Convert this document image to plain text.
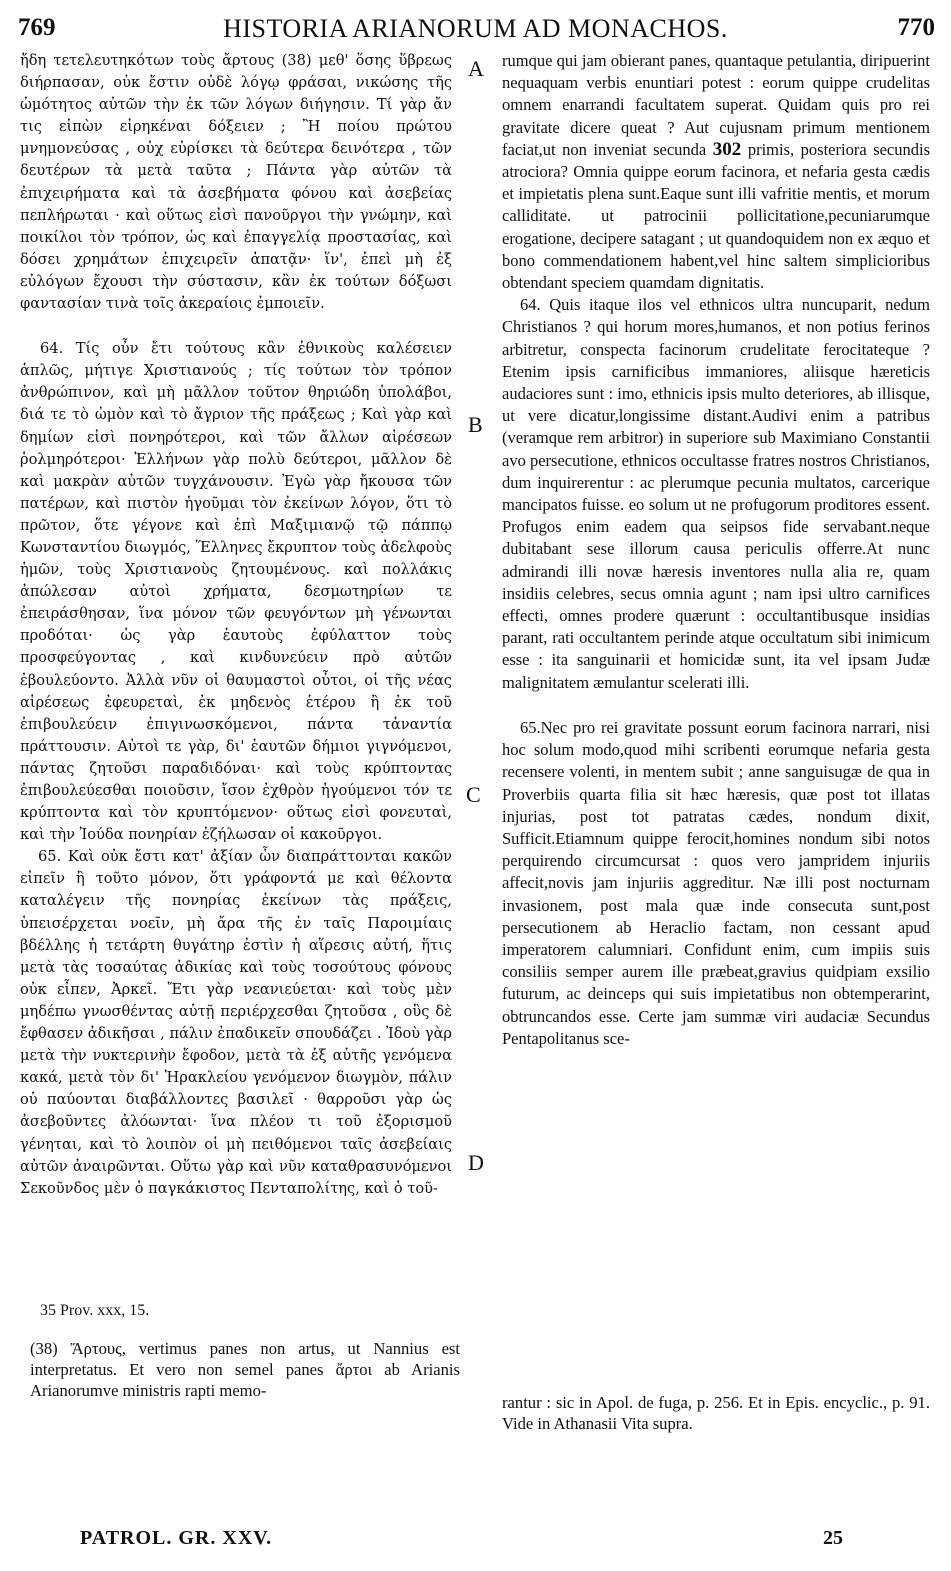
769	HISTORIA ARIANORUM AD MONACHOS.	770

ἤδη τετελευτηκότων τοὺς ἄρτους (38) μεθ' ὅσης ὕβρεως διήρπασαν, οὐκ ἔστιν οὐδὲ λόγῳ φράσαι, νικώσης τῆς ὠμότητος αὐτῶν τὴν ἐκ τῶν λόγων διήγησιν. Τί γὰρ ἄν τις εἰπὼν εἰρηκέναι δόξειεν ; Ἢ ποίου πρώτου μνημονεύσας , οὐχ εὑρίσκει τὰ δεύτερα δεινότερα , τῶν δευτέρων τὰ μετὰ ταῦτα ; Πάντα γὰρ αὐτῶν τὰ ἐπιχειρήματα καὶ τὰ ἀσεβήματα φόνου καὶ ἀσεβείας πεπλήρωται · καὶ οὕτως εἰσὶ πανοῦργοι τὴν γνώμην, καὶ ποικίλοι τὸν τρόπον, ὡς καὶ ἐπαγγελίᾳ προστασίας, καὶ δόσει χρημάτων ἐπιχειρεῖν ἀπατᾷν· ἵν', ἐπεὶ μὴ ἐξ εὐλόγων ἔχουσι τὴν σύστασιν, κἂν ἐκ τούτων δόξωσι φαντασίαν τινὰ τοῖς ἀκεραίοις ἐμποιεῖν.

64. Τίς οὖν ἔτι τούτους κἂν ἐθνικοὺς καλέσειεν ἁπλῶς, μήτιγε Χριστιανούς ; τίς τούτων τὸν τρόπον ἀνθρώπινον, καὶ μὴ μᾶλλον τοῦτον θηριώδη ὑπολάβοι, διά τε τὸ ὠμὸν καὶ τὸ ἄγριον τῆς πράξεως ; Καὶ γὰρ καὶ δημίων εἰσὶ πονηρότεροι, καὶ τῶν ἄλλων αἱρέσεων ῥολμηρότεροι· Ἑλλήνων γὰρ πολὺ δεύτεροι, μᾶλλον δὲ καὶ μακρὰν αὐτῶν τυγχάνουσιν. Ἐγὼ γὰρ ἤκουσα τῶν πατέρων, καὶ πιστὸν ἡγοῦμαι τὸν ἐκείνων λόγον, ὅτι τὸ πρῶτον, ὅτε γέγονε καὶ ἐπὶ Μαξιμιανῷ τῷ πάππῳ Κωνσταντίου διωγμός, Ἕλληνες ἔκρυπτον τοὺς ἀδελφοὺς ἡμῶν, τοὺς Χριστιανοὺς ζητουμένους. καὶ πολλάκις ἀπώλεσαν αὐτοὶ χρήματα, δεσμωτηρίων τε ἐπειράσθησαν, ἵνα μόνον τῶν φευγόντων μὴ γένωνται προδόται· ὡς γὰρ ἑαυτοὺς ἐφύλαττον τοὺς προσφεύγοντας , καὶ κινδυνεύειν πρὸ αὐτῶν ἐβουλεύοντο. Ἀλλὰ νῦν οἱ θαυμαστοὶ οὗτοι, οἱ τῆς νέας αἱρέσεως ἐφευρεταὶ, ἐκ μηδενὸς ἑτέρου ἢ ἐκ τοῦ ἐπιβουλεύειν ἐπιγινωσκόμενοι, πάντα τἀναντία πράττουσιν. Αὐτοὶ τε γὰρ, δι' ἑαυτῶν δήμιοι γιγνόμενοι, πάντας ζητοῦσι παραδιδόναι· καὶ τοὺς κρύπτοντας ἐπιβουλεύεσθαι ποιοῦσιν, ἴσον ἐχθρὸν ἡγούμενοι τόν τε κρύπτοντα καὶ τὸν κρυπτόμενον· οὕτως εἰσὶ φονευταὶ, καὶ τὴν Ἰούδα πονηρίαν ἐζήλωσαν οἱ κακοῦργοι.

65. Καὶ οὐκ ἔστι κατ' ἀξίαν ὧν διαπράττονται κακῶν εἰπεῖν ἢ τοῦτο μόνον, ὅτι γράφοντά με καὶ θέλοντα καταλέγειν τῆς πονηρίας ἐκείνων τὰς πράξεις, ὑπεισέρχεται νοεῖν, μὴ ἄρα τῆς ἐν ταῖς Παροιμίαις βδέλλης ἡ τετάρτη θυγάτηρ ἐστὶν ἡ αἵρεσις αὐτή, ἥτις μετὰ τὰς τοσαύτας ἀδικίας καὶ τοὺς τοσούτους φόνους οὐκ εἶπεν, Ἀρκεῖ. Ἔτι γὰρ νεανιεύεται· καὶ τοὺς μὲν μηδέπω γνωσθέντας αὐτῇ περιέρχεσθαι ζητοῦσα , οὓς δὲ ἔφθασεν ἀδικῆσαι , πάλιν ἐπαδικεῖν σπουδάζει . Ἰδοὺ γὰρ μετὰ τὴν νυκτερινὴν ἔφοδον, μετὰ τὰ ἐξ αὐτῆς γενόμενα κακά, μετὰ τὸν δι' Ἡρακλείου γενόμενον διωγμὸν, πάλιν οὐ παύονται διαβάλλοντες βασιλεῖ · θαρροῦσι γὰρ ὡς ἀσεβοῦντες ἀλόωνται· ἵνα πλέον τι τοῦ ἐξορισμοῦ γένηται, καὶ τὸ λοιπὸν οἱ μὴ πειθόμενοι ταῖς ἀσεβείαις αὐτῶν ἀναιρῶνται. Οὕτω γὰρ καὶ νῦν καταθρασυνόμενοι Σεκοῦνδος μὲν ὁ παγκάκιστος Πενταπολίτης, καὶ ὁ τοῦ-

rumque qui jam obierant panes, quantaque petulantia, diripuerint nequaquam verbis enuntiari potest : eorum quippe crudelitas omnem enarrandi facultatem superat. Quidam quis pro rei gravitate dicere queat ? Aut cujusnam primum mentionem faciat,ut non inveniat secunda 302 primis, posteriora secundis atrociora? Omnia quippe eorum facinora, et nefaria gesta cædis et impietatis plena sunt.Eaque sunt illi vafritie mentis, et morum calliditate. ut patrocinii pollicitatione,pecuniarumque erogatione, decipere satagant ; ut quandoquidem non ex æquo et bono commendationem habent,vel hinc saltem simplicioribus obtendant speciem quamdam dignitatis.

64. Quis itaque ilos vel ethnicos ultra nuncuparit, nedum Christianos ? qui horum mores,humanos, et non potius ferinos arbitretur, conspecta facinorum crudelitate ferocitateque ? Etenim ipsis carnificibus immaniores, aliisque hæreticis audaciores sunt : imo, ethnicis ipsis multo deteriores, ab illisque, ut vere dicatur,longissime distant.Audivi enim a patribus (veramque rem arbitror) in superiore sub Maximiano Constantii avo persecutione, ethnicos occultasse fratres nostros Christianos, dum inquirerentur : ac plerumque pecunia multatos, carcerique mancipatos fuisse. eo solum ut ne profugorum proditores essent. Profugos enim eadem qua seipsos fide servabant.neque dubitabant sese illorum causa periculis offerre.At nunc admirandi illi novæ hæresis inventores nulla alia re, quam insidiis celebres, secus omnia agunt ; nam ipsi ultro carnifices effecti, omnes prodere quærunt : occultantibusque insidias parant, rati occultantem perinde atque occultatum sibi inimicum esse : ita sanguinarii et homicidæ sunt, ita vel ipsam Judæ malignitatem æmulantur scelerati illi.

65.Nec pro rei gravitate possunt eorum facinora narrari, nisi hoc solum modo,quod mihi scribenti eorumque nefaria gesta recensere volenti, in mentem subit ; anne sanguisugæ de qua in Proverbiis quarta filia sit hæc hæresis, quæ post tot illatas injurias, post tot patratas cædes, nondum dixit, Sufficit.Etiamnum quippe ferocit,homines nondum sibi notos perquirendo circumcursat : quos vero jampridem injuriis affecit,novis jam injuriis aggreditur. Næ illi post nocturnam invasionem, post mala quæ inde consecuta sunt,post persecutionem ab Heraclio factam, non cessant apud imperatorem calumniari. Confidunt enim, cum impiis suis consiliis semper aurem ille præbeat,gravius quidpiam exsilio futurum, ac deinceps qui suis impietatibus non obtemperarint, obtruncandos esse. Certe jam summæ viri audaciæ Secundus Pentapolitanus sce-

A
B
C
D
35 Prov. xxx, 15.
(38) Ἄρτους, vertimus panes non artus, ut Nannius est interpretatus. Et vero non semel panes ἄρτοι ab Arianis Arianorumve ministris rapti memo-
rantur : sic in Apol. de fuga, p. 256. Et in Epis. encyclic., p. 91. Vide in Athanasii Vita supra.
PATROL. GR. XXV.	25
